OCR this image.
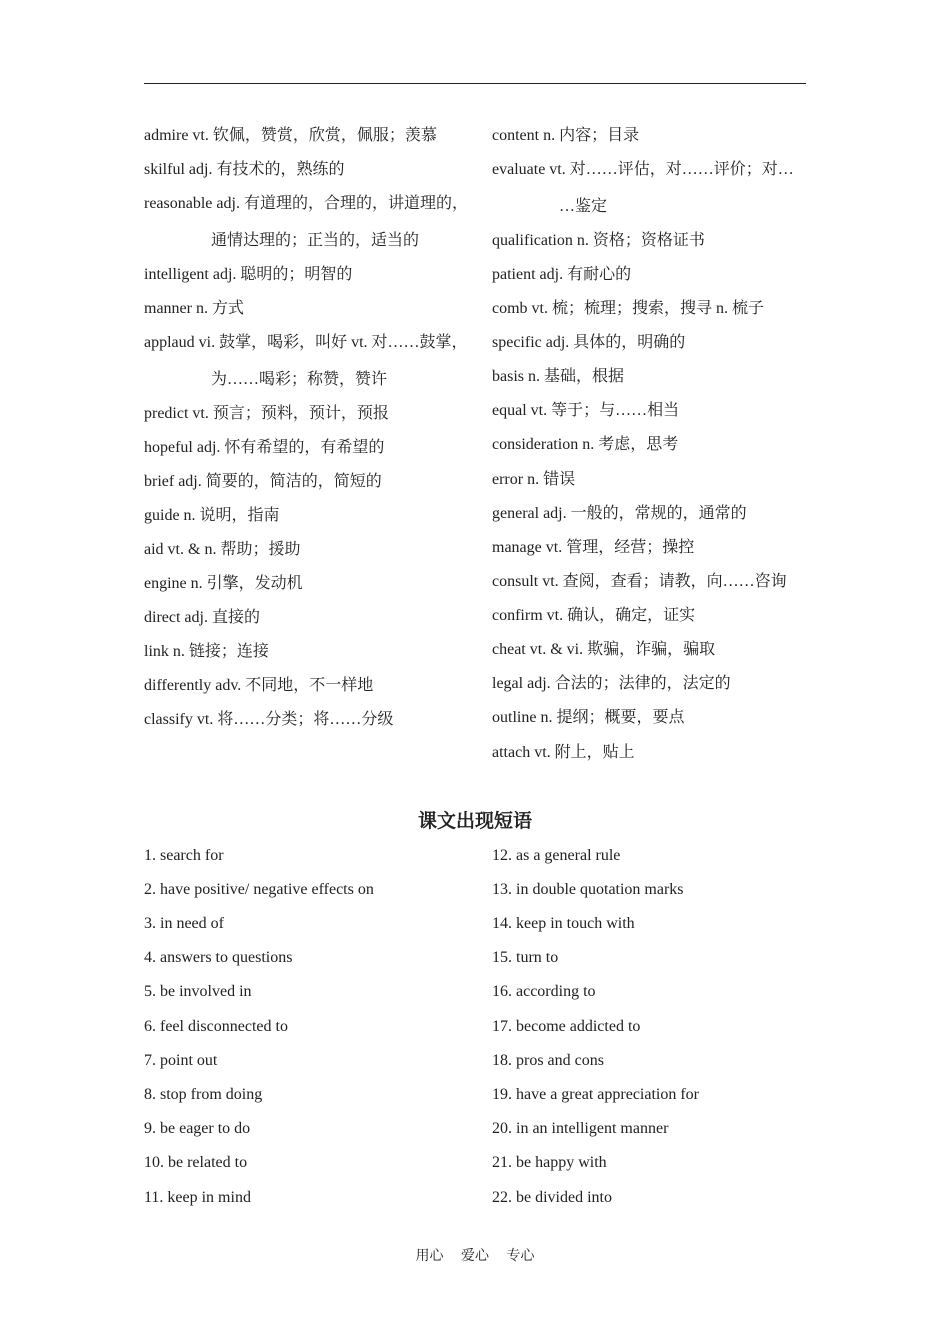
admire vt. 钦佩，赞赏，欣赏，佩服；羡慕
skilful adj. 有技术的，熟练的
reasonable adj. 有道理的，合理的，讲道理的，
通情达理的；正当的，适当的
intelligent adj. 聪明的；明智的
manner n. 方式
applaud vi. 鼓掌，喝彩，叫好 vt. 对……鼓掌，
为……喝彩；称赞，赞许
predict vt. 预言；预料，预计，预报
hopeful adj. 怀有希望的，有希望的
brief adj. 简要的，简洁的，简短的
guide n. 说明，指南
aid vt. & n. 帮助；援助
engine n. 引擎，发动机
direct adj. 直接的
link n. 链接；连接
differently adv. 不同地，不一样地
classify vt. 将……分类；将……分级
content n. 内容；目录
evaluate vt. 对……评估，对……评价；对…
…鉴定
qualification n. 资格；资格证书
patient adj. 有耐心的
comb vt. 梳；梳理；搜索，搜寻 n. 梳子
specific adj. 具体的，明确的
basis n. 基础，根据
equal vt. 等于；与……相当
consideration n. 考虑，思考
error n. 错误
general adj. 一般的，常规的，通常的
manage vt. 管理，经营；操控
consult vt. 查阅，查看；请教，向……咨询
confirm vt. 确认，确定，证实
cheat vt. & vi. 欺骗，诈骗，骗取
legal adj. 合法的；法律的，法定的
outline n. 提纲；概要，要点
attach vt. 附上，贴上
课文出现短语
1. search for
2. have positive/ negative effects on
3. in need of
4. answers to questions
5. be involved in
6. feel disconnected to
7. point out
8. stop from doing
9. be eager to do
10. be related to
11. keep in mind
12. as a general rule
13. in double quotation marks
14. keep in touch with
15. turn to
16. according to
17. become addicted to
18. pros and cons
19. have a great appreciation for
20. in an intelligent manner
21. be happy with
22. be divided into
用心 爱心 专心
